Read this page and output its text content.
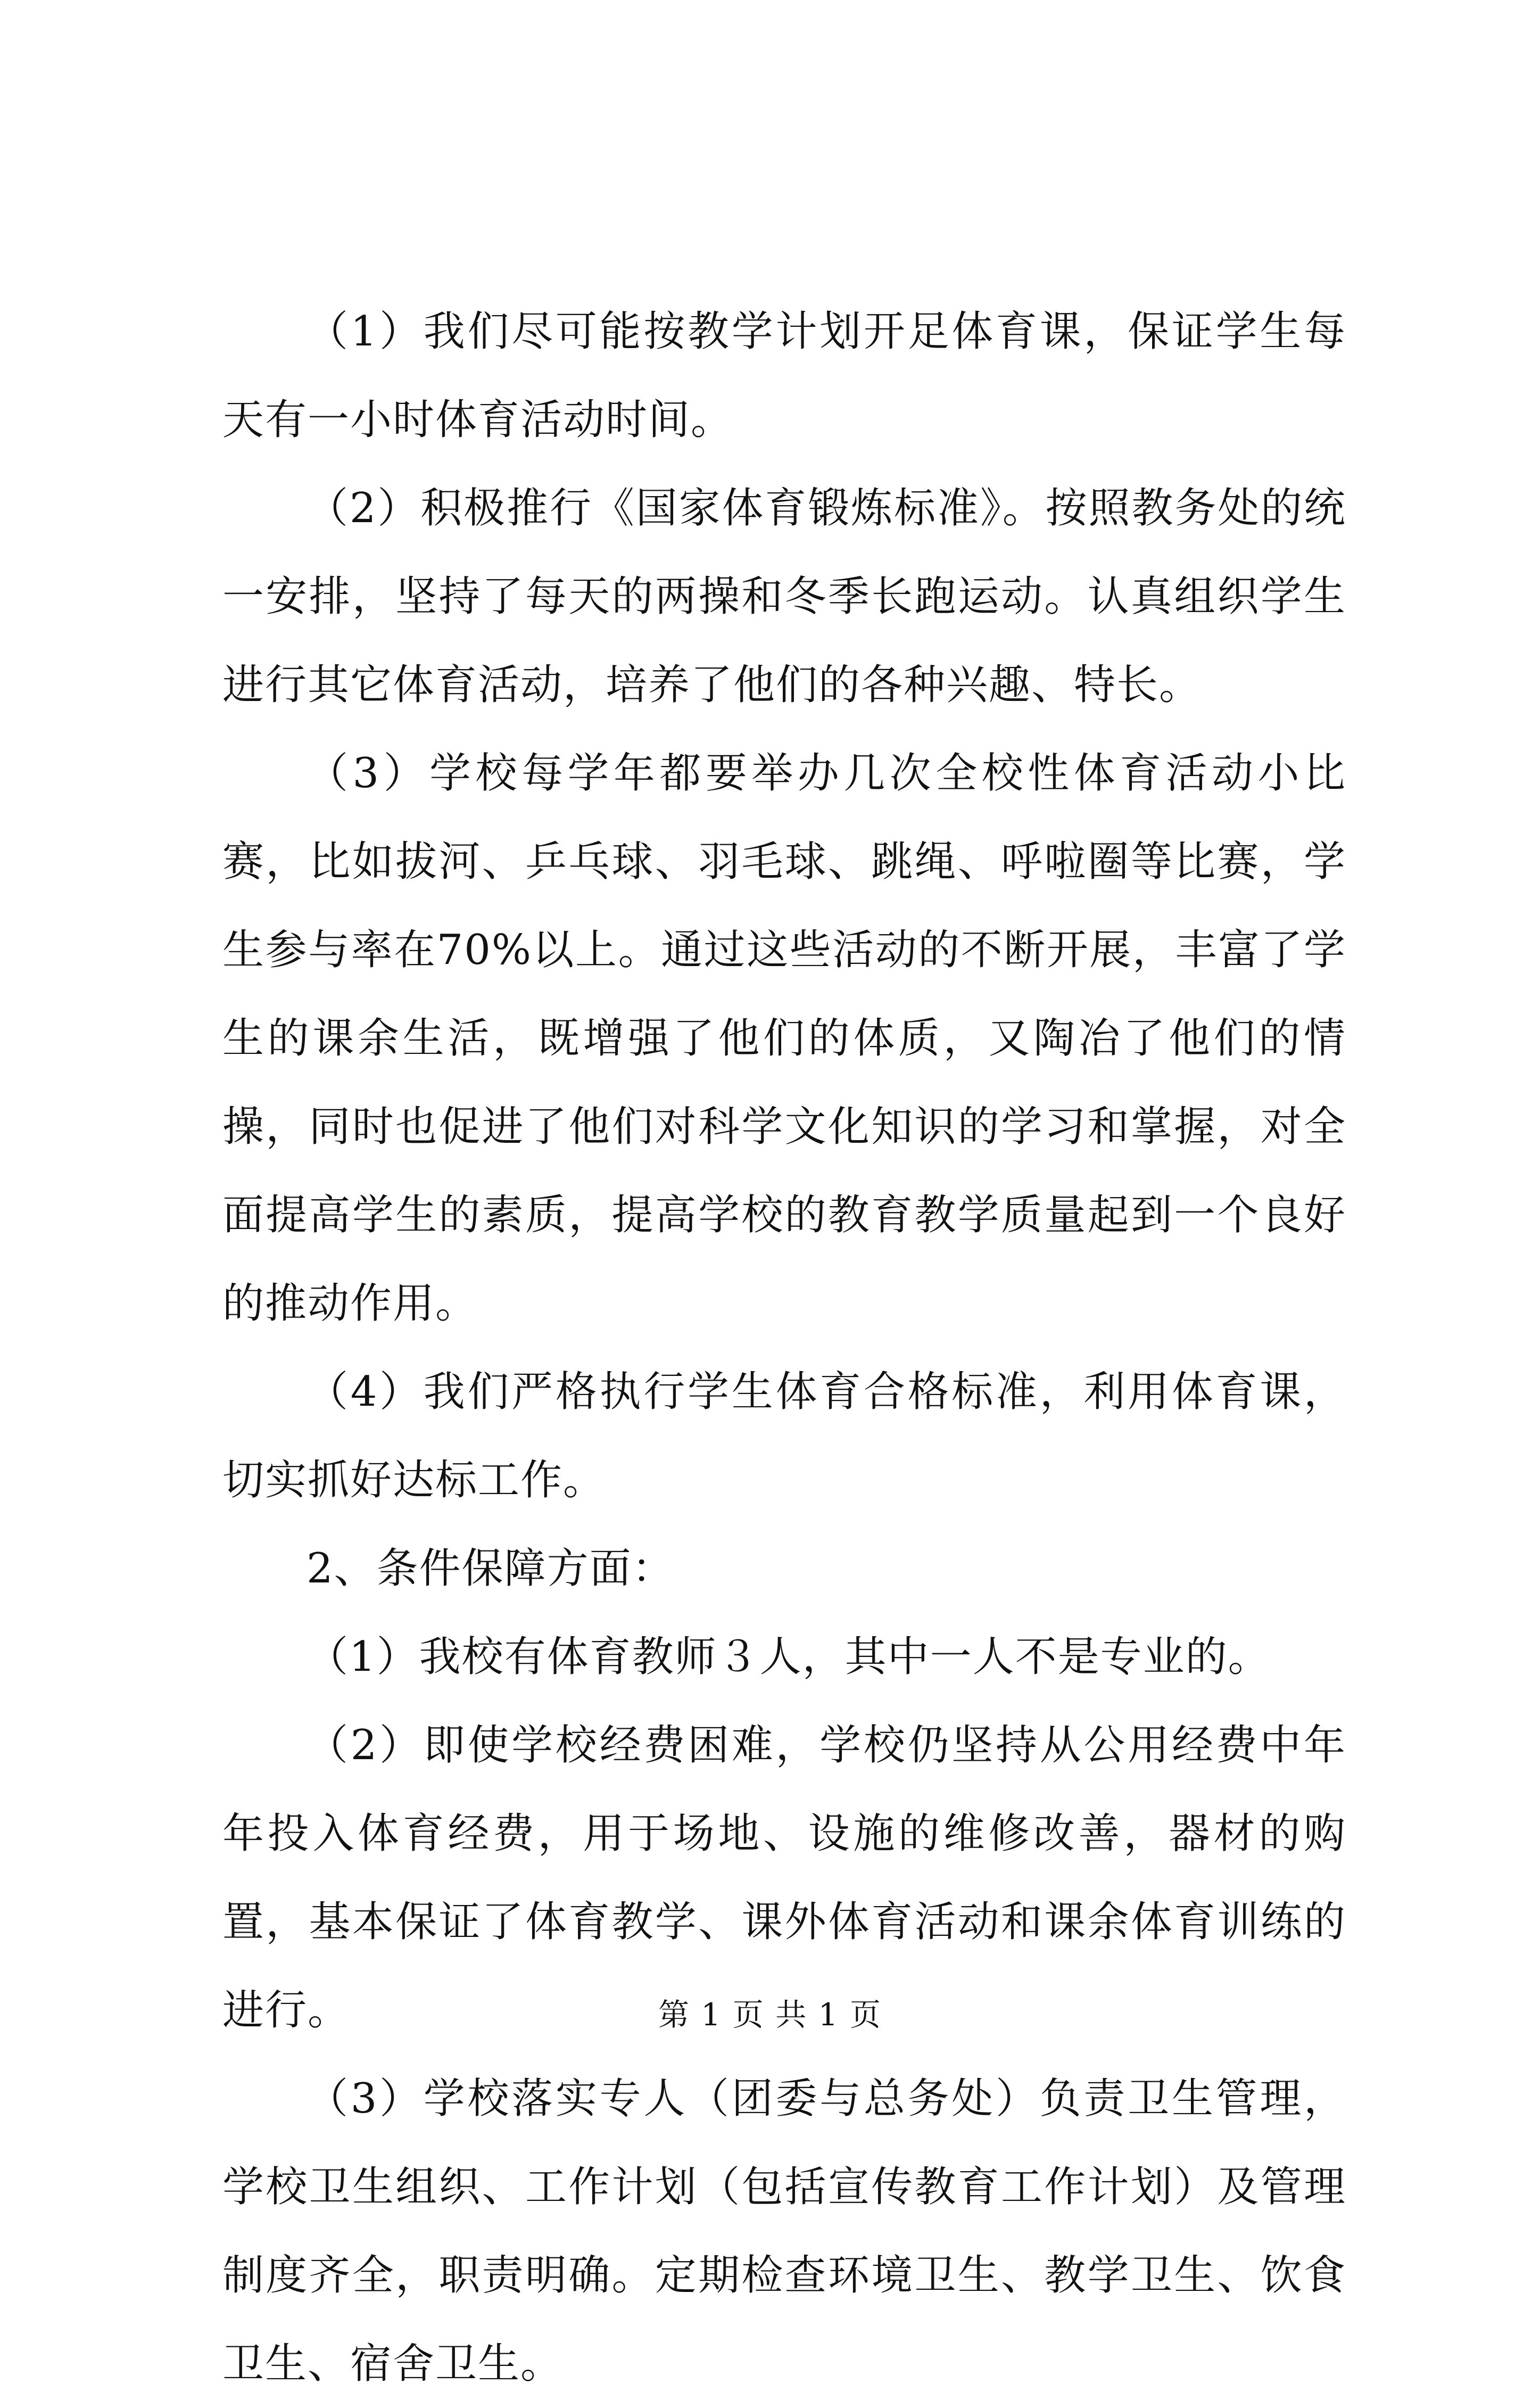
（1）我们尽可能按教学计划开足体育课，保证学生每天有一小时体育活动时间。

（2）积极推行《国家体育锻炼标准》。按照教务处的统一安排，坚持了每天的两操和冬季长跑运动。认真组织学生进行其它体育活动，培养了他们的各种兴趣、特长。

（3）学校每学年都要举办几次全校性体育活动小比赛，比如拔河、乒乓球、羽毛球、跳绳、呼啦圈等比赛，学生参与率在70%以上。通过这些活动的不断开展，丰富了学生的课余生活，既增强了他们的体质，又陶冶了他们的情操，同时也促进了他们对科学文化知识的学习和掌握，对全面提高学生的素质，提高学校的教育教学质量起到一个良好的推动作用。

（4）我们严格执行学生体育合格标准，利用体育课，切实抓好达标工作。

2、条件保障方面：

（1）我校有体育教师３人，其中一人不是专业的。

（2）即使学校经费困难，学校仍坚持从公用经费中年年投入体育经费，用于场地、设施的维修改善，器材的购置，基本保证了体育教学、课外体育活动和课余体育训练的进行。

（3）学校落实专人（团委与总务处）负责卫生管理，学校卫生组织、工作计划（包括宣传教育工作计划）及管理制度齐全，职责明确。定期检查环境卫生、教学卫生、饮食卫生、宿舍卫生。

第 1 页 共 1 页
